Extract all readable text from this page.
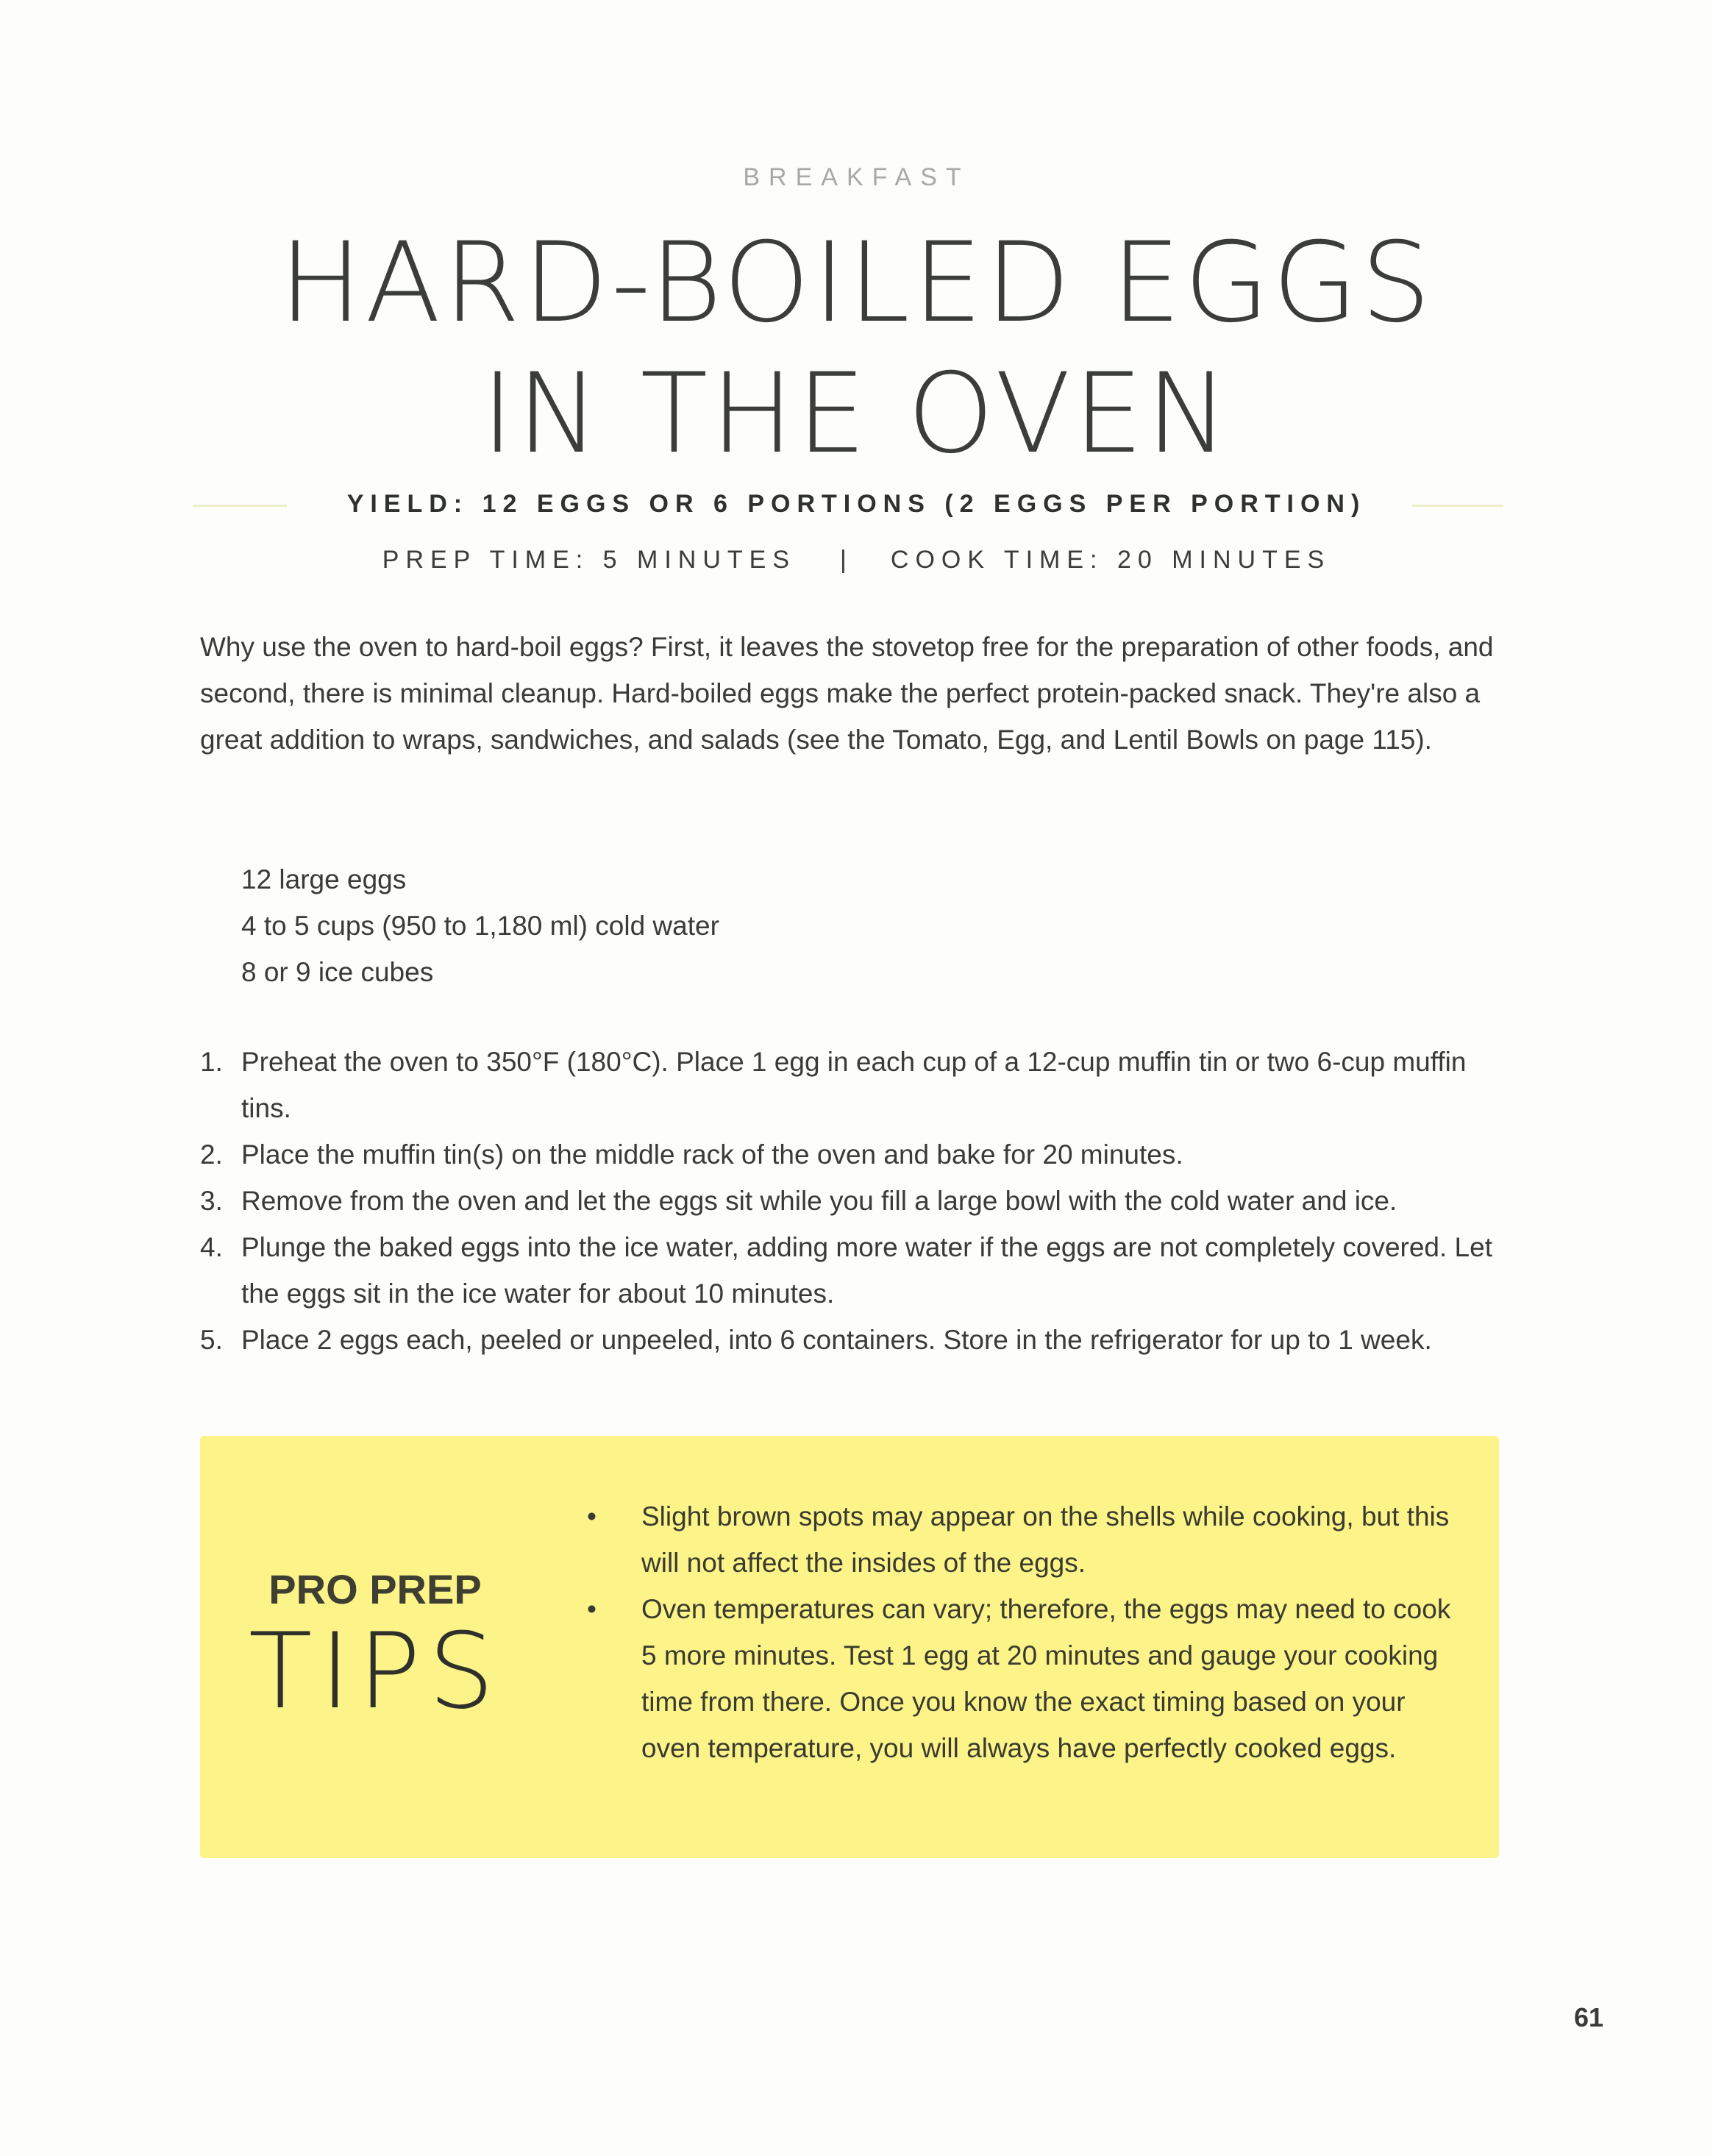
BREAKFAST
HARD-BOILED EGGS
IN THE OVEN
YIELD: 12 EGGS OR 6 PORTIONS (2 EGGS PER PORTION)
PREP TIME: 5 MINUTES | COOK TIME: 20 MINUTES
Why use the oven to hard-boil eggs? First, it leaves the stovetop free for the preparation of other foods, and second, there is minimal cleanup. Hard-boiled eggs make the perfect protein-packed snack. They're also a great addition to wraps, sandwiches, and salads (see the Tomato, Egg, and Lentil Bowls on page 115).
12 large eggs
4 to 5 cups (950 to 1,180 ml) cold water
8 or 9 ice cubes
1. Preheat the oven to 350°F (180°C). Place 1 egg in each cup of a 12-cup muffin tin or two 6-cup muffin tins.
2. Place the muffin tin(s) on the middle rack of the oven and bake for 20 minutes.
3. Remove from the oven and let the eggs sit while you fill a large bowl with the cold water and ice.
4. Plunge the baked eggs into the ice water, adding more water if the eggs are not completely covered. Let the eggs sit in the ice water for about 10 minutes.
5. Place 2 eggs each, peeled or unpeeled, into 6 containers. Store in the refrigerator for up to 1 week.
PRO PREP
TIPS
• Slight brown spots may appear on the shells while cooking, but this will not affect the insides of the eggs.
• Oven temperatures can vary; therefore, the eggs may need to cook 5 more minutes. Test 1 egg at 20 minutes and gauge your cooking time from there. Once you know the exact timing based on your oven temperature, you will always have perfectly cooked eggs.
61
